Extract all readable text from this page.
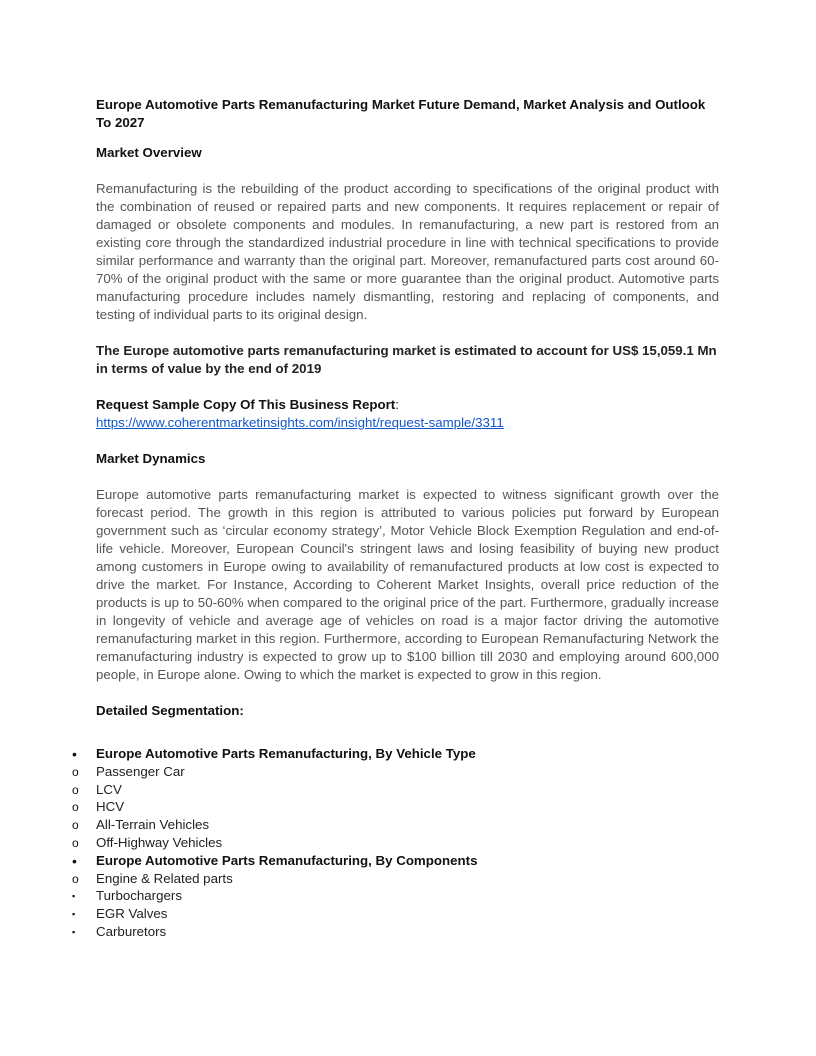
Europe Automotive Parts Remanufacturing Market Future Demand, Market Analysis and Outlook To 2027
Market Overview
Remanufacturing is the rebuilding of the product according to specifications of the original product with the combination of reused or repaired parts and new components. It requires replacement or repair of damaged or obsolete components and modules. In remanufacturing, a new part is restored from an existing core through the standardized industrial procedure in line with technical specifications to provide similar performance and warranty than the original part. Moreover, remanufactured parts cost around 60-70% of the original product with the same or more guarantee than the original product. Automotive parts manufacturing procedure includes namely dismantling, restoring and replacing of components, and testing of individual parts to its original design.
The Europe automotive parts remanufacturing market is estimated to account for US$ 15,059.1 Mn in terms of value by the end of 2019
Request Sample Copy Of This Business Report:
https://www.coherentmarketinsights.com/insight/request-sample/3311
Market Dynamics
Europe automotive parts remanufacturing market is expected to witness significant growth over the forecast period. The growth in this region is attributed to various policies put forward by European government such as ‘circular economy strategy’, Motor Vehicle Block Exemption Regulation and end-of-life vehicle. Moreover, European Council's stringent laws and losing feasibility of buying new product among customers in Europe owing to availability of remanufactured products at low cost is expected to drive the market. For Instance, According to Coherent Market Insights, overall price reduction of the products is up to 50-60% when compared to the original price of the part. Furthermore, gradually increase in longevity of vehicle and average age of vehicles on road is a major factor driving the automotive remanufacturing market in this region. Furthermore, according to European Remanufacturing Network the remanufacturing industry is expected to grow up to $100 billion till 2030 and employing around 600,000 people, in Europe alone. Owing to which the market is expected to grow in this region.
Detailed Segmentation:
•	Europe Automotive Parts Remanufacturing, By Vehicle Type
o	Passenger Car
o	LCV
o	HCV
o	All-Terrain Vehicles
o	Off-Highway Vehicles
•	Europe Automotive Parts Remanufacturing, By Components
o	Engine & Related parts
▪	Turbochargers
▪	EGR Valves
▪	Carburetors
